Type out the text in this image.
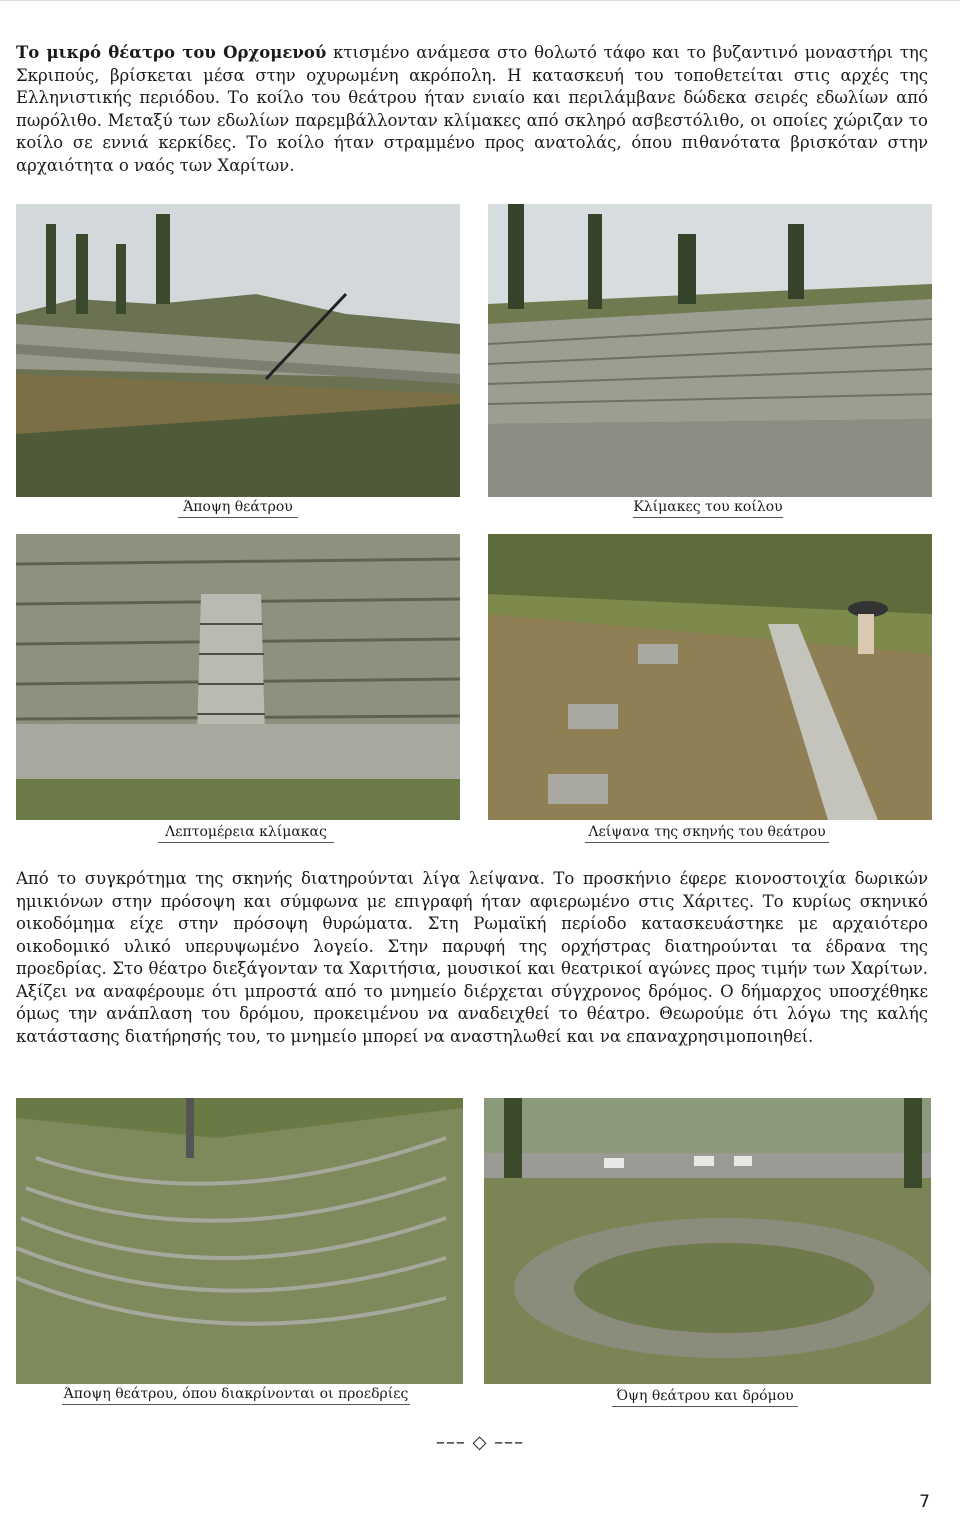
Το μικρό θέατρο του Ορχομενού κτισμένο ανάμεσα στο θολωτό τάφο και το βυζαντινό μοναστήρι της Σκριπούς, βρίσκεται μέσα στην οχυρωμένη ακρόπολη. Η κατασκευή του τοποθετείται στις αρχές της Ελληνιστικής περιόδου. Το κοίλο του θεάτρου ήταν ενιαίο και περιλάμβανε δώδεκα σειρές εδωλίων από πωρόλιθο. Μεταξύ των εδωλίων παρεμβάλλονταν κλίμακες από σκληρό ασβεστόλιθο, οι οποίες χώριζαν το κοίλο σε εννιά κερκίδες. Το κοίλο ήταν στραμμένο προς ανατολάς, όπου πιθανότατα βρισκόταν στην αρχαιότητα ο ναός των Χαρίτων.

Άποψη θεάτρου	Κλίμακες του κοίλου
Λεπτομέρεια κλίμακας	Λείψανα της σκηνής του θεάτρου

Από το συγκρότημα της σκηνής διατηρούνται λίγα λείψανα. Το προσκήνιο έφερε κιονοστοιχία δωρικών ημικιόνων στην πρόσοψη και σύμφωνα με επιγραφή ήταν αφιερωμένο στις Χάριτες. Το κυρίως σκηνικό οικοδόμημα είχε στην πρόσοψη θυρώματα. Στη Ρωμαϊκή περίοδο κατασκευάστηκε με αρχαιότερο οικοδομικό υλικό υπερυψωμένο λογείο. Στην παρυφή της ορχήστρας διατηρούνται τα έδρανα της προεδρίας. Στο θέατρο διεξάγονταν τα Χαριτήσια, μουσικοί και θεατρικοί αγώνες προς τιμήν των Χαρίτων. Αξίζει να αναφέρουμε ότι μπροστά από το μνημείο διέρχεται σύγχρονος δρόμος. Ο δήμαρχος υποσχέθηκε όμως την ανάπλαση του δρόμου, προκειμένου να αναδειχθεί το θέατρο. Θεωρούμε ότι λόγω της καλής κατάστασης διατήρησής του, το μνημείο μπορεί να αναστηλωθεί και να επαναχρησιμοποιηθεί.

Άποψη θεάτρου, όπου διακρίνονται οι προεδρίες	Όψη θεάτρου και δρόμου
––– ◇ –––
7
